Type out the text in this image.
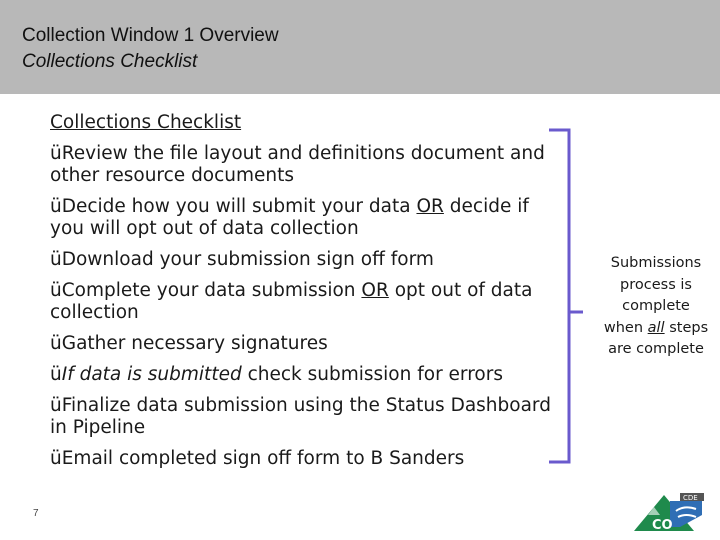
Collection Window 1 Overview
Collections Checklist
Collections Checklist
üReview the file layout and definitions document and other resource documents
üDecide how you will submit your data OR decide if you will opt out of data collection
üDownload your submission sign off form
üComplete your data submission OR opt out of data collection
üGather necessary signatures
üIf data is submitted check submission for errors
üFinalize data submission using the Status Dashboard in Pipeline
üEmail completed sign off form to B Sanders
Submissions process is complete when all steps are complete
7
CO
CDE
